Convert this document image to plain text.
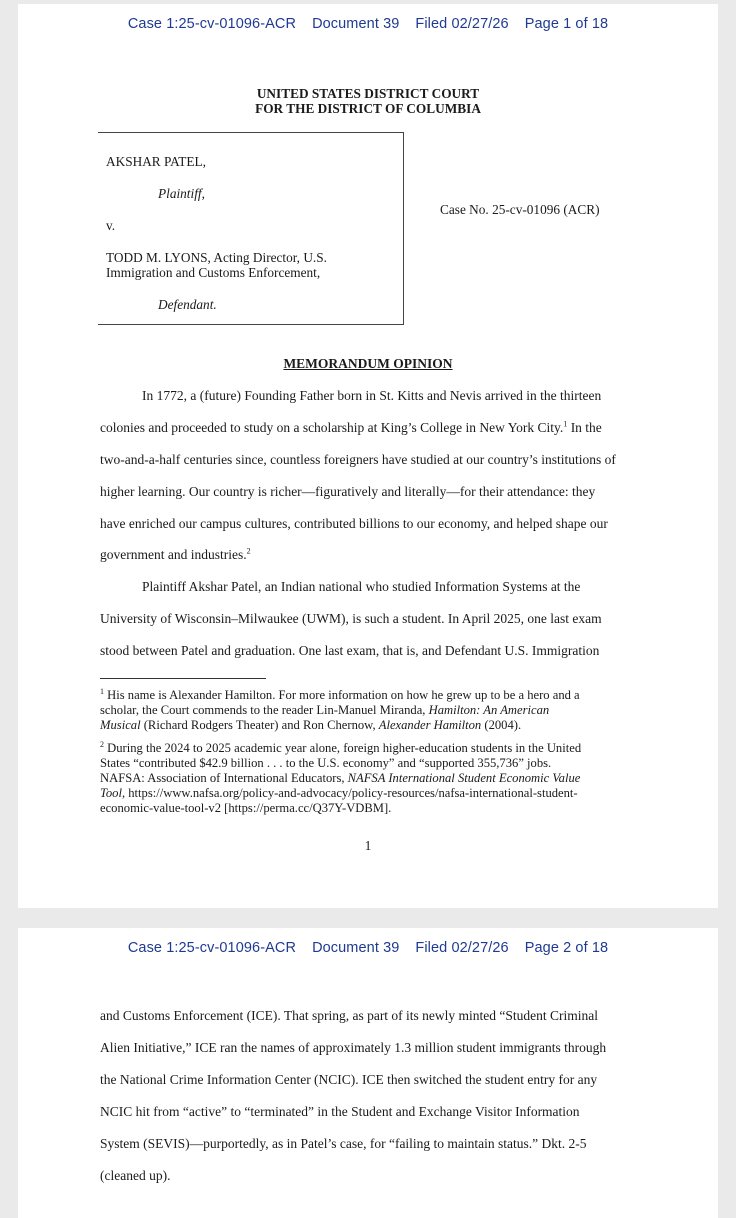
Case 1:25-cv-01096-ACR Document 39 Filed 02/27/26 Page 1 of 18
UNITED STATES DISTRICT COURT
FOR THE DISTRICT OF COLUMBIA
AKSHAR PATEL,
Plaintiff,
v.
TODD M. LYONS, Acting Director, U.S.
Immigration and Customs Enforcement,
Defendant.
Case No. 25-cv-01096 (ACR)
MEMORANDUM OPINION
In 1772, a (future) Founding Father born in St. Kitts and Nevis arrived in the thirteen
colonies and proceeded to study on a scholarship at King’s College in New York City.$^1$ In the
two-and-a-half centuries since, countless foreigners have studied at our country’s institutions of
higher learning. Our country is richer—figuratively and literally—for their attendance: they
have enriched our campus cultures, contributed billions to our economy, and helped shape our
government and industries.$^2$
Plaintiff Akshar Patel, an Indian national who studied Information Systems at the
University of Wisconsin–Milwaukee (UWM), is such a student. In April 2025, one last exam
stood between Patel and graduation. One last exam, that is, and Defendant U.S. Immigration
$^1$ His name is Alexander Hamilton. For more information on how he grew up to be a hero and a
scholar, the Court commends to the reader Lin-Manuel Miranda, Hamilton: An American
Musical (Richard Rodgers Theater) and Ron Chernow, Alexander Hamilton (2004).
$^2$ During the 2024 to 2025 academic year alone, foreign higher-education students in the United
States “contributed $42.9 billion . . . to the U.S. economy” and “supported 355,736” jobs.
NAFSA: Association of International Educators, NAFSA International Student Economic Value
Tool, https://www.nafsa.org/policy-and-advocacy/policy-resources/nafsa-international-student-
economic-value-tool-v2 [https://perma.cc/Q37Y-VDBM].
1
Case 1:25-cv-01096-ACR Document 39 Filed 02/27/26 Page 2 of 18
and Customs Enforcement (ICE). That spring, as part of its newly minted “Student Criminal
Alien Initiative,” ICE ran the names of approximately 1.3 million student immigrants through
the National Crime Information Center (NCIC). ICE then switched the student entry for any
NCIC hit from “active” to “terminated” in the Student and Exchange Visitor Information
System (SEVIS)—purportedly, as in Patel’s case, for “failing to maintain status.” Dkt. 2-5
(cleaned up).
